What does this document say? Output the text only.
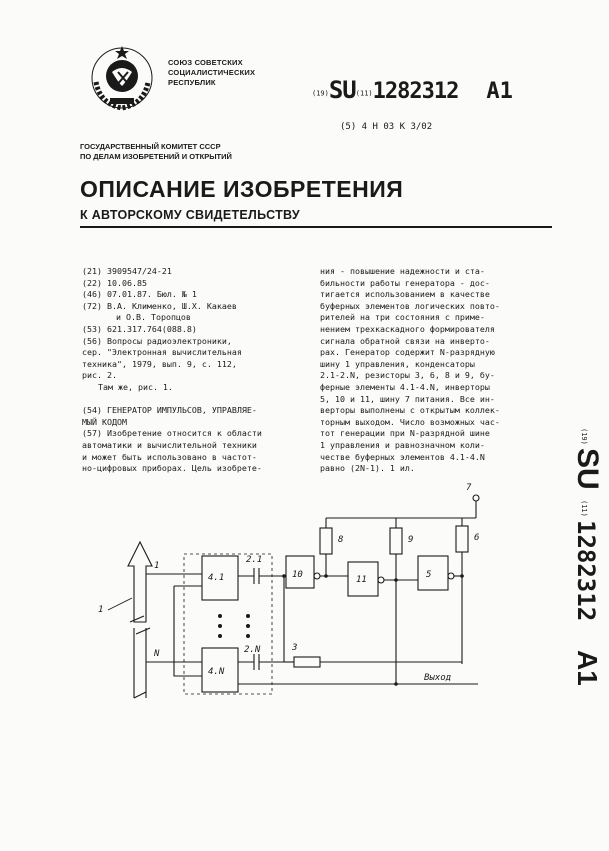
СОЮЗ СОВЕТСКИХ
СОЦИАЛИСТИЧЕСКИХ
РЕСПУБЛИК
(19)SU(11)1282312 A1
(5) 4 H 03 K 3/02
ГОСУДАРСТВЕННЫЙ КОМИТЕТ СССР
ПО ДЕЛАМ ИЗОБРЕТЕНИЙ И ОТКРЫТИЙ
ОПИСАНИЕ ИЗОБРЕТЕНИЯ
К АВТОРСКОМУ СВИДЕТЕЛЬСТВУ
(21) 3909547/24-21
(22) 10.06.85
(46) 07.01.87. Бюл. № 1
(72) В.А. Клименко, Ш.Х. Какаев
и О.В. Торопцов
(53) 621.317.764(088.8)
(56) Вопросы радиоэлектроники,
сер. "Электронная вычислительная
техника", 1979, вып. 9, с. 112,
рис. 2.
Там же, рис. 1.
(54) ГЕНЕРАТОР ИМПУЛЬСОВ, УПРАВЛЯЕ-
МЫЙ КОДОМ
(57) Изобретение относится к области
автоматики и вычислительной техники
и может быть использовано в частот-
но-цифровых приборах. Цель изобрете-
ния - повышение надежности и ста-
бильности работы генератора - дос-
тигается использованием в качестве
буферных элементов логических повто-
рителей на три состояния с приме-
нением трехкаскадного формирователя
сигнала обратной связи на инверто-
рах. Генератор содержит N-разрядную
шину 1 управления, конденсаторы
2.1-2.N, резисторы 3, 6, 8 и 9, бу-
ферные элементы 4.1-4.N, инверторы
5, 10 и 11, шину 7 питания. Все ин-
верторы выполнены с открытым коллек-
торным выходом. Число возможных час-
тот генерации при N-разрядной шине
1 управления и равнозначном коли-
честве буферных элементов 4.1-4.N
равно (2N-1). 1 ил.
(19)
SU
(11)
1282312
A1
1
1
N
4.1
4.N
2.1
2.N
10	11	5
7
8	9	6
3
Выход
